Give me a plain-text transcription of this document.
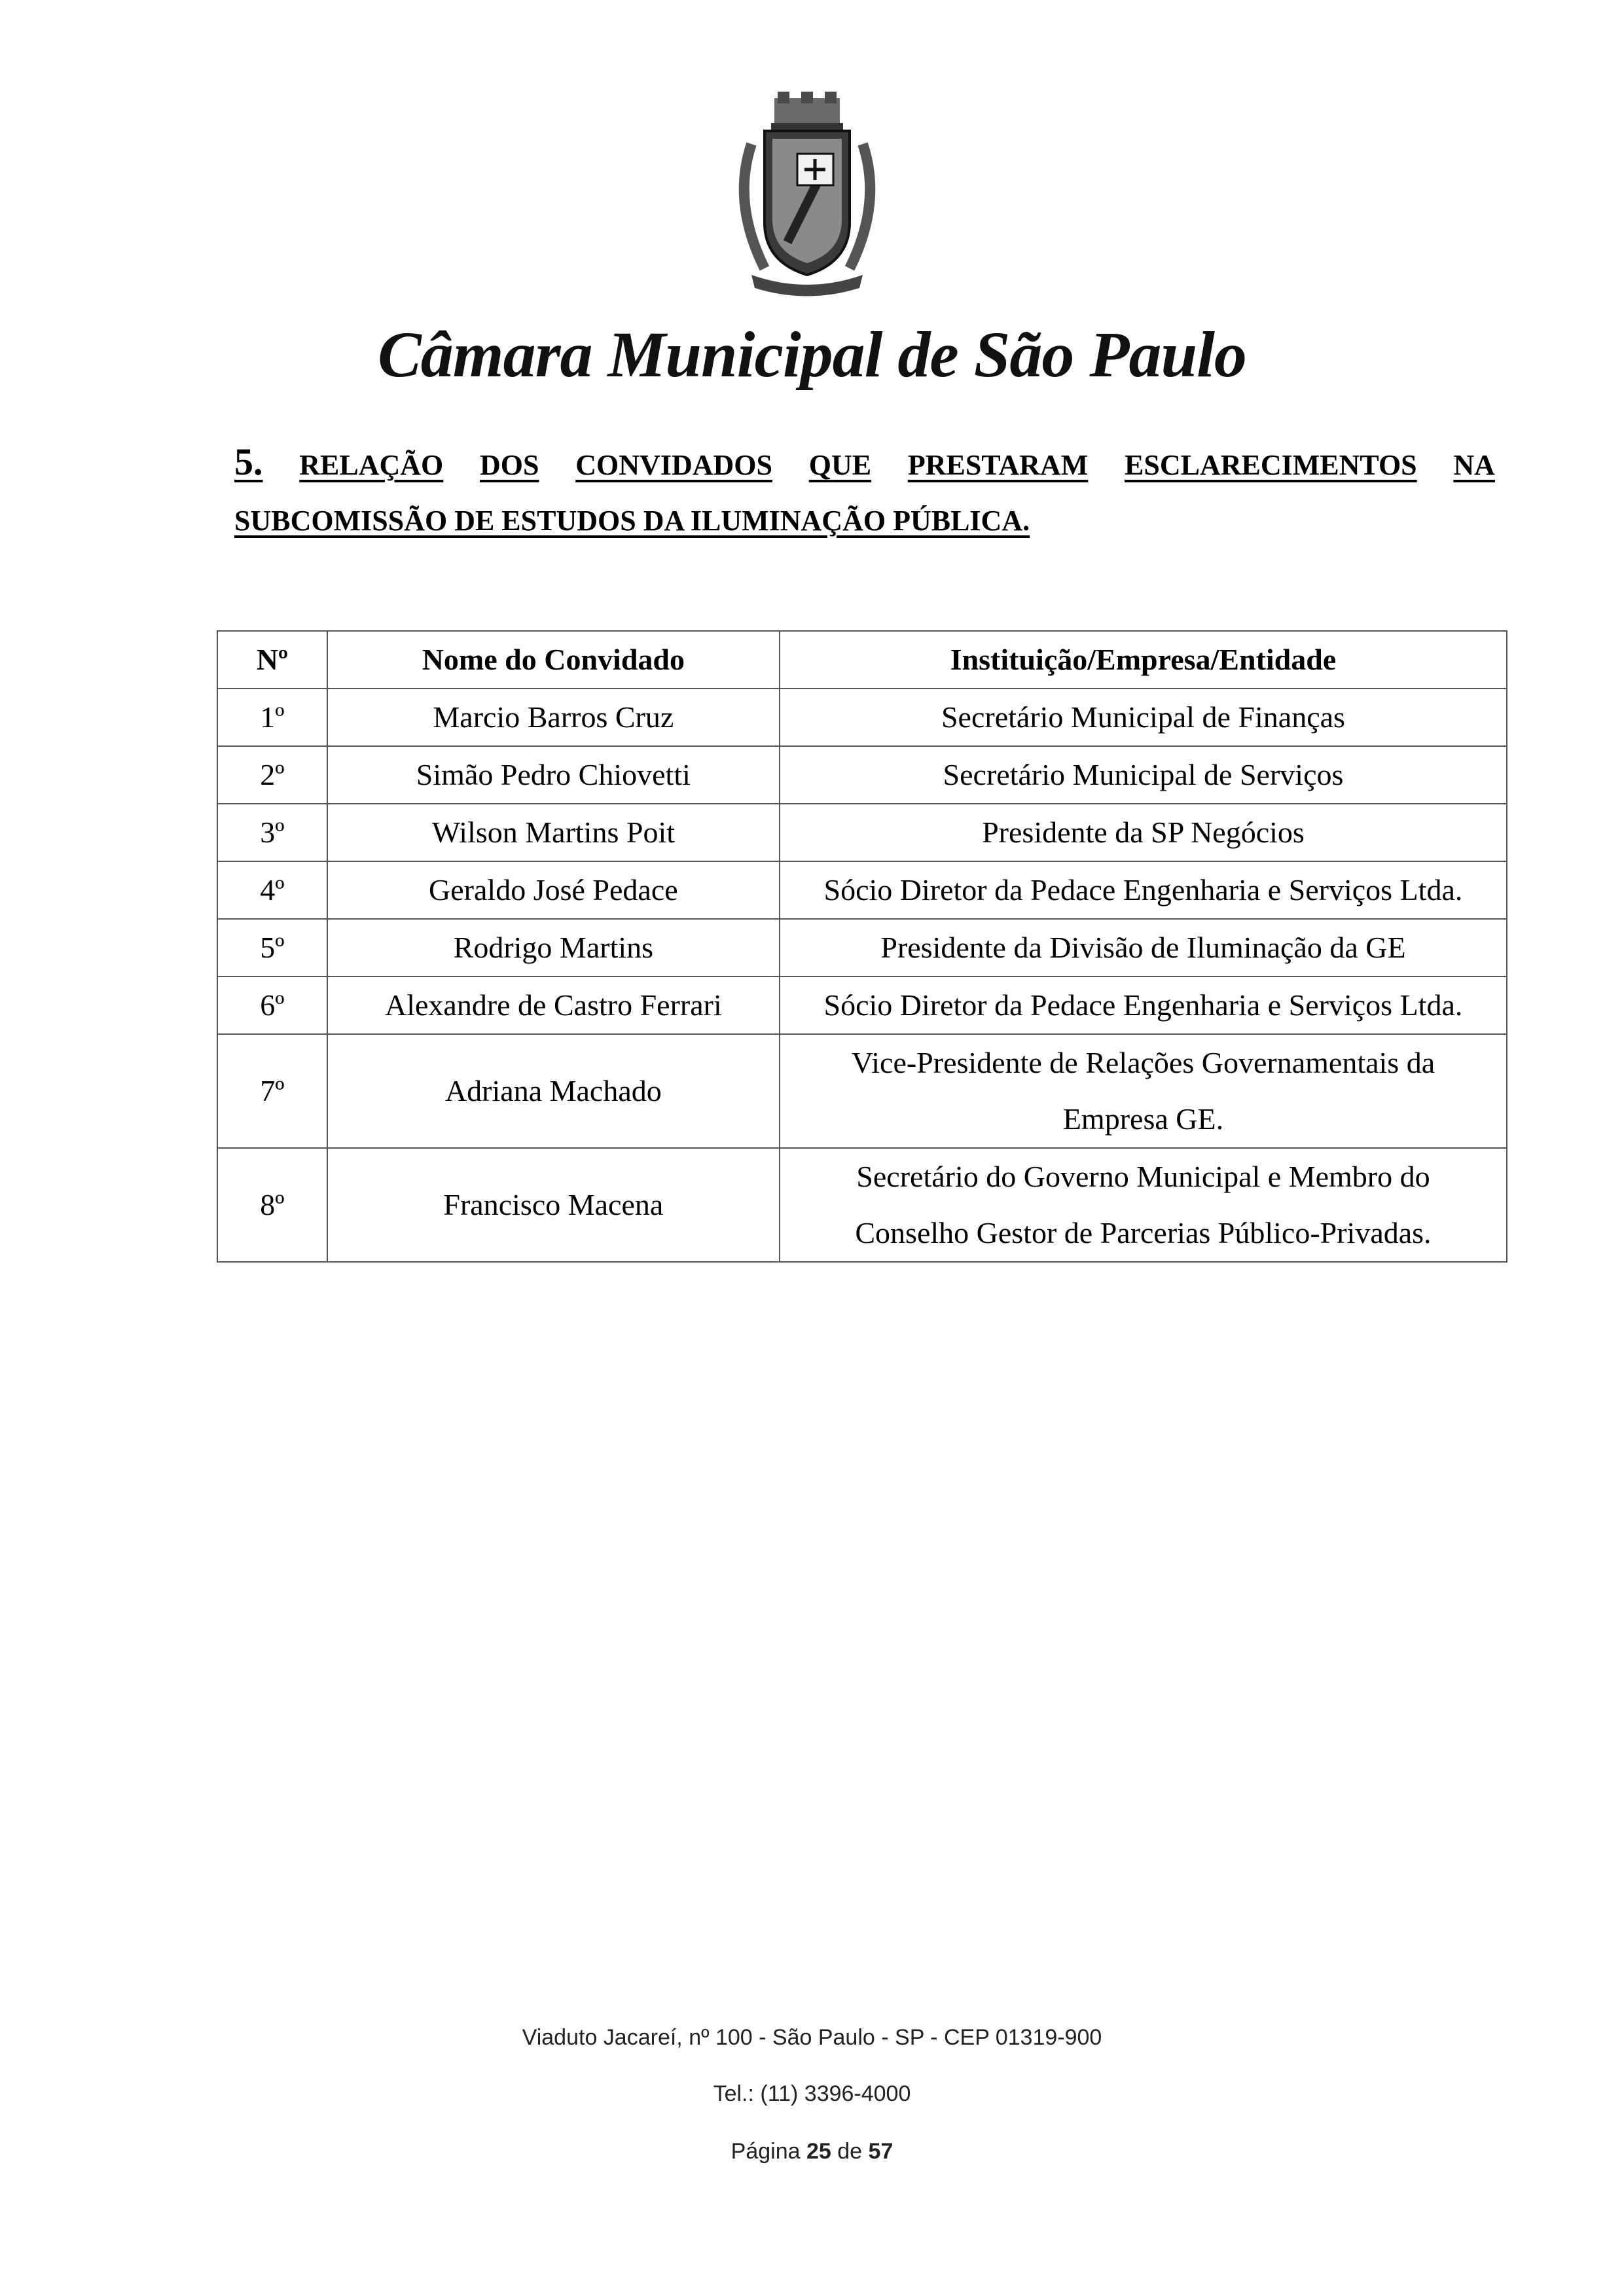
Câmara Municipal de São Paulo
5. RELAÇÃO DOS CONVIDADOS QUE PRESTARAM ESCLARECIMENTOS NA
SUBCOMISSÃO DE ESTUDOS DA ILUMINAÇÃO PÚBLICA.
Nº	Nome do Convidado	Instituição/Empresa/Entidade
1º	Marcio Barros Cruz	Secretário Municipal de Finanças
2º	Simão Pedro Chiovetti	Secretário Municipal de Serviços
3º	Wilson Martins Poit	Presidente da SP Negócios
4º	Geraldo José Pedace	Sócio Diretor da Pedace Engenharia e Serviços Ltda.
5º	Rodrigo Martins	Presidente da Divisão de Iluminação da GE
6º	Alexandre de Castro Ferrari	Sócio Diretor da Pedace Engenharia e Serviços Ltda.
7º	Adriana Machado	Vice-Presidente de Relações Governamentais da
Empresa GE.

8º	Francisco Macena	Secretário do Governo Municipal e Membro do
Conselho Gestor de Parcerias Público-Privadas.
Viaduto Jacareí, nº 100 - São Paulo - SP - CEP 01319-900
Tel.: (11) 3396-4000
Página 25 de 57
